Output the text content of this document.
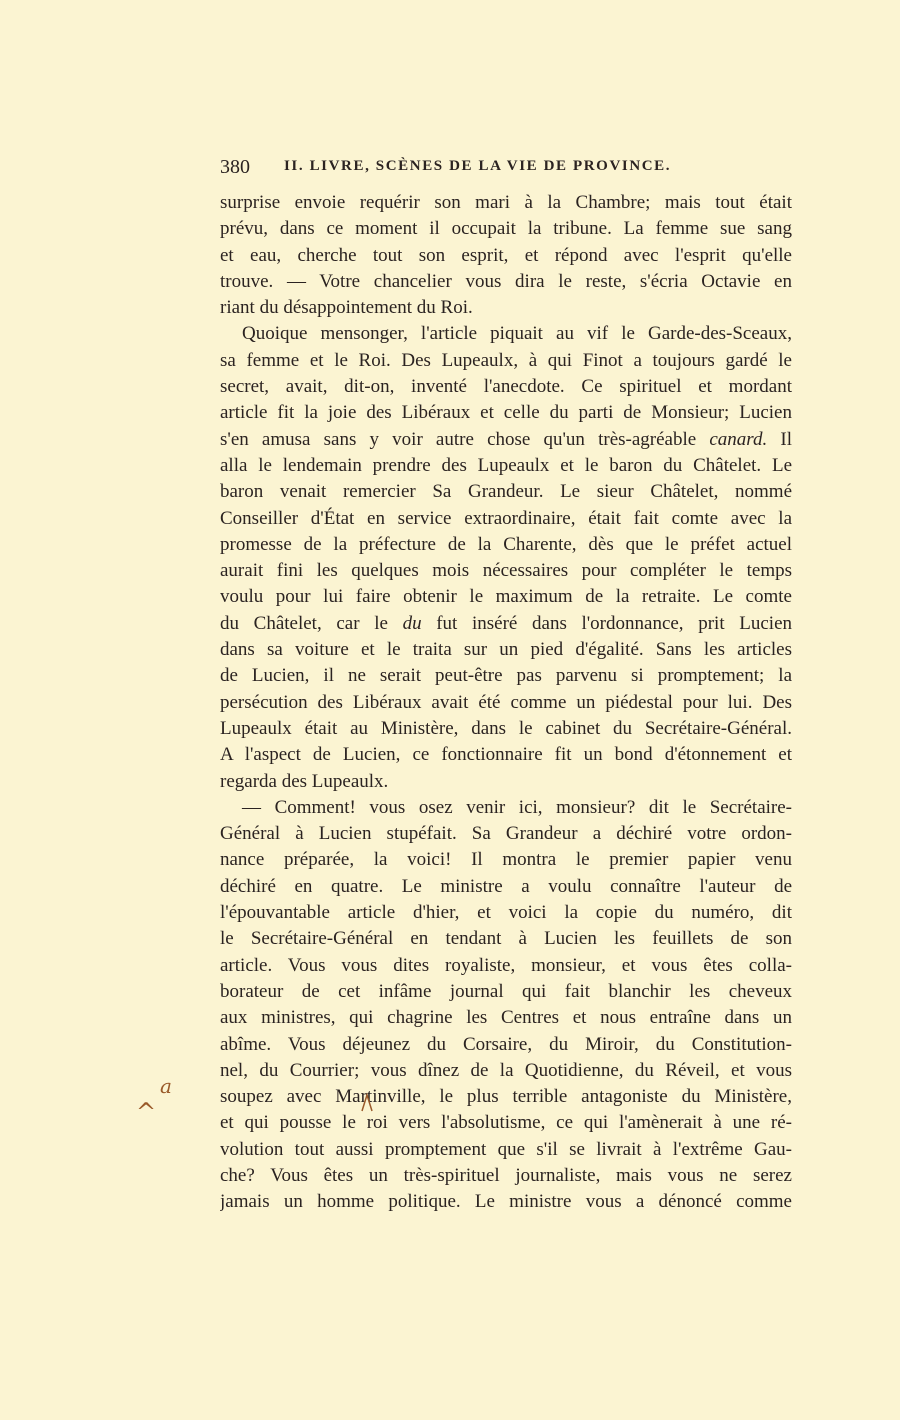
380 II. LIVRE, SCÈNES DE LA VIE DE PROVINCE.
surprise envoie requérir son mari à la Chambre; mais tout était
prévu, dans ce moment il occupait la tribune. La femme sue sang
et eau, cherche tout son esprit, et répond avec l'esprit qu'elle
trouve. — Votre chancelier vous dira le reste, s'écria Octavie en
riant du désappointement du Roi.
Quoique mensonger, l'article piquait au vif le Garde-des-Sceaux,
sa femme et le Roi. Des Lupeaulx, à qui Finot a toujours gardé le
secret, avait, dit-on, inventé l'anecdote. Ce spirituel et mordant
article fit la joie des Libéraux et celle du parti de Monsieur; Lucien
s'en amusa sans y voir autre chose qu'un très-agréable canard. Il
alla le lendemain prendre des Lupeaulx et le baron du Châtelet. Le
baron venait remercier Sa Grandeur. Le sieur Châtelet, nommé
Conseiller d'État en service extraordinaire, était fait comte avec la
promesse de la préfecture de la Charente, dès que le préfet actuel
aurait fini les quelques mois nécessaires pour compléter le temps
voulu pour lui faire obtenir le maximum de la retraite. Le comte
du Châtelet, car le du fut inséré dans l'ordonnance, prit Lucien
dans sa voiture et le traita sur un pied d'égalité. Sans les articles
de Lucien, il ne serait peut-être pas parvenu si promptement; la
persécution des Libéraux avait été comme un piédestal pour lui. Des
Lupeaulx était au Ministère, dans le cabinet du Secrétaire-Général.
A l'aspect de Lucien, ce fonctionnaire fit un bond d'étonnement et
regarda des Lupeaulx.
— Comment! vous osez venir ici, monsieur? dit le Secrétaire-
Général à Lucien stupéfait. Sa Grandeur a déchiré votre ordon-
nance préparée, la voici! Il montra le premier papier venu
déchiré en quatre. Le ministre a voulu connaître l'auteur de
l'épouvantable article d'hier, et voici la copie du numéro, dit
le Secrétaire-Général en tendant à Lucien les feuillets de son
article. Vous vous dites royaliste, monsieur, et vous êtes colla-
borateur de cet infâme journal qui fait blanchir les cheveux
aux ministres, qui chagrine les Centres et nous entraîne dans un
abîme. Vous déjeunez du Corsaire, du Miroir, du Constitution-
nel, du Courrier; vous dînez de la Quotidienne, du Réveil, et vous
soupez avec Martinville, le plus terrible antagoniste du Ministère,
et qui pousse le roi vers l'absolutisme, ce qui l'amènerait à une ré-
volution tout aussi promptement que s'il se livrait à l'extrême Gau-
che? Vous êtes un très-spirituel journaliste, mais vous ne serez
jamais un homme politique. Le ministre vous a dénoncé comme
a
^
